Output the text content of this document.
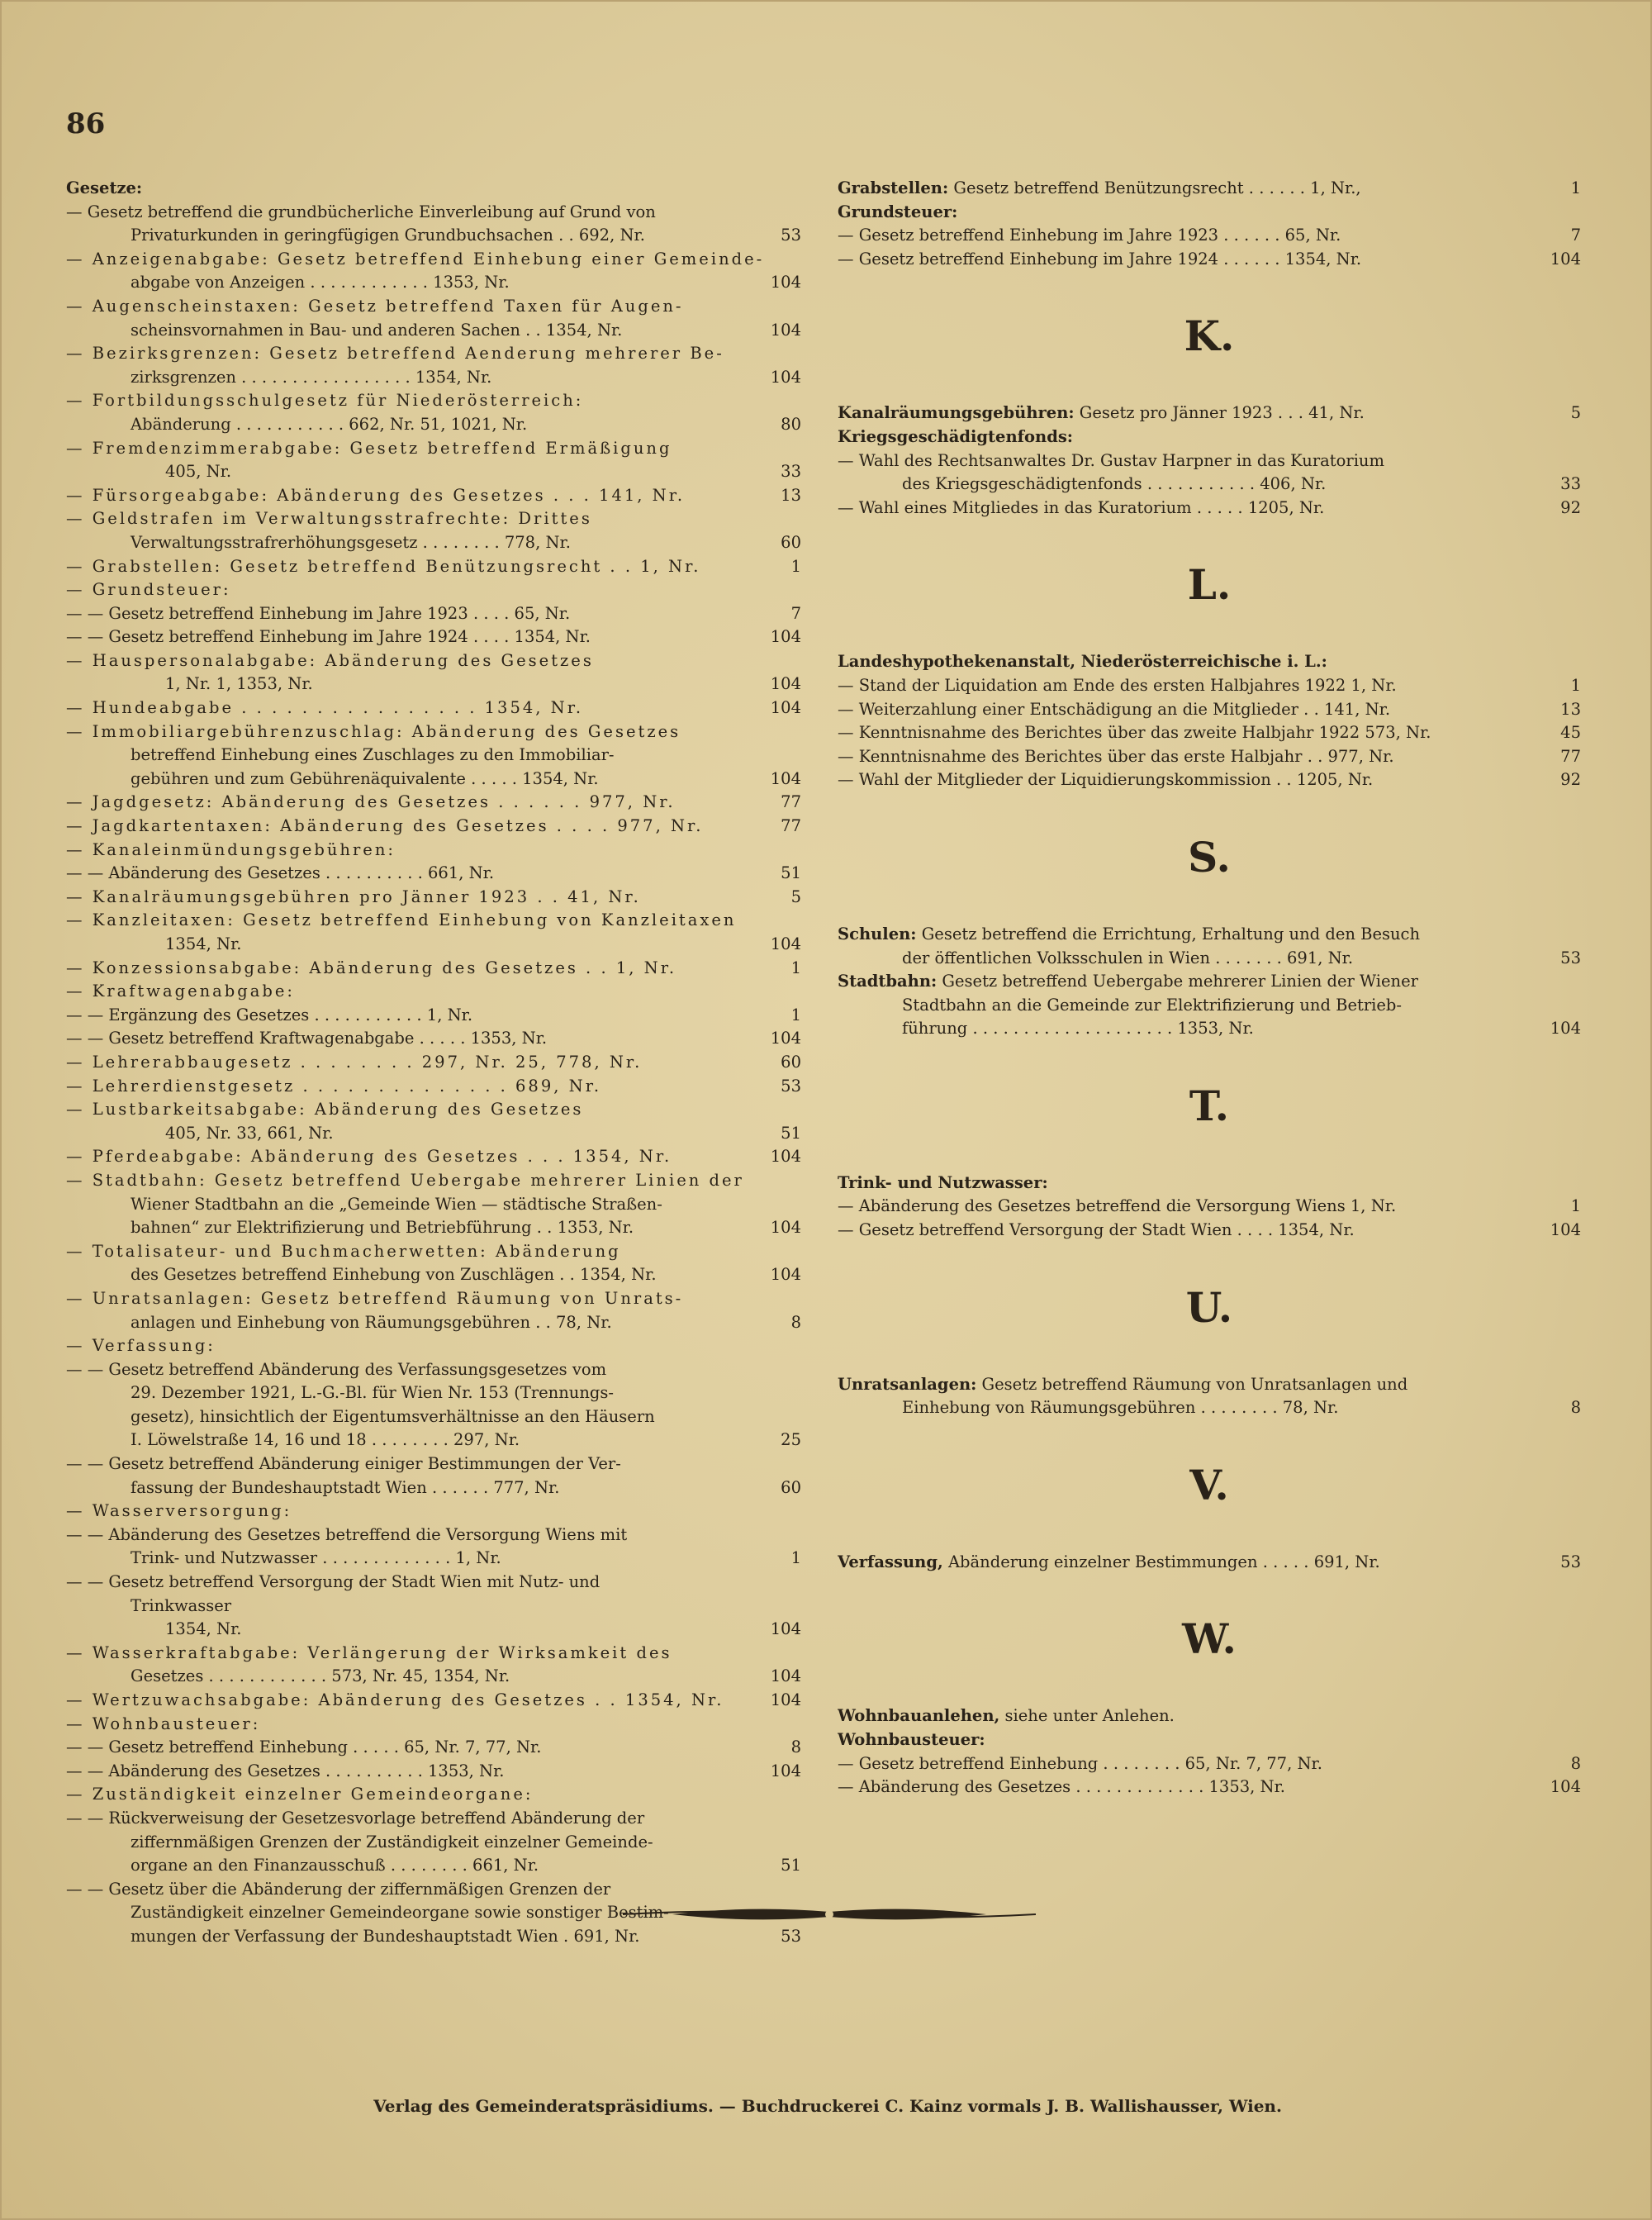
86
Gesetze:
— Gesetz betreffend die grundbücherliche Einverleibung auf Grund von
Privaturkunden in geringfügigen Grundbuchsachen . . 692, Nr.	53
— Anzeigenabgabe: Gesetz betreffend Einhebung einer Gemeinde-
abgabe von Anzeigen . . . . . . . . . . . . 1353, Nr.	104
— Augenscheinstaxen: Gesetz betreffend Taxen für Augen-
scheinsvornahmen in Bau- und anderen Sachen . . 1354, Nr.	104
— Bezirksgrenzen: Gesetz betreffend Aenderung mehrerer Be-
zirksgrenzen . . . . . . . . . . . . . . . . . 1354, Nr.	104
— Fortbildungsschulgesetz für Niederösterreich:
Abänderung . . . . . . . . . . . 662, Nr. 51, 1021, Nr.	80
— Fremdenzimmerabgabe: Gesetz betreffend Ermäßigung
405, Nr.	33
— Fürsorgeabgabe: Abänderung des Gesetzes . . . 141, Nr.	13
— Geldstrafen im Verwaltungsstrafrechte: Drittes
Verwaltungsstrafrerhöhungsgesetz . . . . . . . . 778, Nr.	60
— Grabstellen: Gesetz betreffend Benützungsrecht . . 1, Nr.	1
— Grundsteuer:
— — Gesetz betreffend Einhebung im Jahre 1923 . . . . 65, Nr.	7
— — Gesetz betreffend Einhebung im Jahre 1924 . . . . 1354, Nr.	104
— Hauspersonalabgabe: Abänderung des Gesetzes
1, Nr. 1, 1353, Nr.	104
— Hundeabgabe . . . . . . . . . . . . . . . . 1354, Nr.	104
— Immobiliargebührenzuschlag: Abänderung des Gesetzes
betreffend Einhebung eines Zuschlages zu den Immobiliar-
gebühren und zum Gebührenäquivalente . . . . . 1354, Nr.	104
— Jagdgesetz: Abänderung des Gesetzes . . . . . . 977, Nr.	77
— Jagdkartentaxen: Abänderung des Gesetzes . . . . 977, Nr.	77
— Kanaleinmündungsgebühren:
— — Abänderung des Gesetzes . . . . . . . . . . 661, Nr.	51
— Kanalräumungsgebühren pro Jänner 1923 . . 41, Nr.	5
— Kanzleitaxen: Gesetz betreffend Einhebung von Kanzleitaxen
1354, Nr.	104
— Konzessionsabgabe: Abänderung des Gesetzes . . 1, Nr.	1
— Kraftwagenabgabe:
— — Ergänzung des Gesetzes . . . . . . . . . . . 1, Nr.	1
— — Gesetz betreffend Kraftwagenabgabe . . . . . 1353, Nr.	104
— Lehrerabbaugesetz . . . . . . . . 297, Nr. 25, 778, Nr.	60
— Lehrerdienstgesetz . . . . . . . . . . . . . . 689, Nr.	53
— Lustbarkeitsabgabe: Abänderung des Gesetzes
405, Nr. 33, 661, Nr.	51
— Pferdeabgabe: Abänderung des Gesetzes . . . 1354, Nr.	104
— Stadtbahn: Gesetz betreffend Uebergabe mehrerer Linien der
Wiener Stadtbahn an die „Gemeinde Wien — städtische Straßen-
bahnen“ zur Elektrifizierung und Betriebführung . . 1353, Nr.	104
— Totalisateur- und Buchmacherwetten: Abänderung
des Gesetzes betreffend Einhebung von Zuschlägen . . 1354, Nr.	104
— Unratsanlagen: Gesetz betreffend Räumung von Unrats-
anlagen und Einhebung von Räumungsgebühren . . 78, Nr.	8
— Verfassung:
— — Gesetz betreffend Abänderung des Verfassungsgesetzes vom
29. Dezember 1921, L.-G.-Bl. für Wien Nr. 153 (Trennungs-
gesetz), hinsichtlich der Eigentumsverhältnisse an den Häusern
I. Löwelstraße 14, 16 und 18 . . . . . . . . 297, Nr.	25
— — Gesetz betreffend Abänderung einiger Bestimmungen der Ver-
fassung der Bundeshauptstadt Wien . . . . . . 777, Nr.	60
— Wasserversorgung:
— — Abänderung des Gesetzes betreffend die Versorgung Wiens mit
Trink- und Nutzwasser . . . . . . . . . . . . . 1, Nr.	1
— — Gesetz betreffend Versorgung der Stadt Wien mit Nutz- und
Trinkwasser
1354, Nr.	104
— Wasserkraftabgabe: Verlängerung der Wirksamkeit des
Gesetzes . . . . . . . . . . . . 573, Nr. 45, 1354, Nr.	104
— Wertzuwachsabgabe: Abänderung des Gesetzes . . 1354, Nr.	104
— Wohnbausteuer:
— — Gesetz betreffend Einhebung . . . . . 65, Nr. 7, 77, Nr.	8
— — Abänderung des Gesetzes . . . . . . . . . . 1353, Nr.	104
— Zuständigkeit einzelner Gemeindeorgane:
— — Rückverweisung der Gesetzesvorlage betreffend Abänderung der
ziffernmäßigen Grenzen der Zuständigkeit einzelner Gemeinde-
organe an den Finanzausschuß . . . . . . . . 661, Nr.	51
— — Gesetz über die Abänderung der ziffernmäßigen Grenzen der
Zuständigkeit einzelner Gemeindeorgane sowie sonstiger Bestim-
mungen der Verfassung der Bundeshauptstadt Wien . 691, Nr.	53
Grabstellen: Gesetz betreffend Benützungsrecht . . . . . . 1, Nr.,	1
Grundsteuer:
— Gesetz betreffend Einhebung im Jahre 1923 . . . . . . 65, Nr.	7
— Gesetz betreffend Einhebung im Jahre 1924 . . . . . . 1354, Nr.	104
K.
Kanalräumungsgebühren: Gesetz pro Jänner 1923 . . . 41, Nr.	5
Kriegsgeschädigtenfonds:
— Wahl des Rechtsanwaltes Dr. Gustav Harpner in das Kuratorium
des Kriegsgeschädigtenfonds . . . . . . . . . . . 406, Nr.	33
— Wahl eines Mitgliedes in das Kuratorium . . . . . 1205, Nr.	92
L.
Landeshypothekenanstalt, Niederösterreichische i. L.:
— Stand der Liquidation am Ende des ersten Halbjahres 1922 1, Nr.	1
— Weiterzahlung einer Entschädigung an die Mitglieder . . 141, Nr.	13
— Kenntnisnahme des Berichtes über das zweite Halbjahr 1922 573, Nr.	45
— Kenntnisnahme des Berichtes über das erste Halbjahr . . 977, Nr.	77
— Wahl der Mitglieder der Liquidierungskommission . . 1205, Nr.	92
S.
Schulen: Gesetz betreffend die Errichtung, Erhaltung und den Besuch
der öffentlichen Volksschulen in Wien . . . . . . . 691, Nr.	53
Stadtbahn: Gesetz betreffend Uebergabe mehrerer Linien der Wiener
Stadtbahn an die Gemeinde zur Elektrifizierung und Betrieb-
führung . . . . . . . . . . . . . . . . . . . . 1353, Nr.	104
T.
Trink- und Nutzwasser:
— Abänderung des Gesetzes betreffend die Versorgung Wiens 1, Nr.	1
— Gesetz betreffend Versorgung der Stadt Wien . . . . 1354, Nr.	104
U.
Unratsanlagen: Gesetz betreffend Räumung von Unratsanlagen und
Einhebung von Räumungsgebühren . . . . . . . . 78, Nr.	8
V.
Verfassung, Abänderung einzelner Bestimmungen . . . . . 691, Nr.	53
W.
Wohnbauanlehen, siehe unter Anlehen.
Wohnbausteuer:
— Gesetz betreffend Einhebung . . . . . . . . 65, Nr. 7, 77, Nr.	8
— Abänderung des Gesetzes . . . . . . . . . . . . . 1353, Nr.	104
Verlag des Gemeinderatspräsidiums. — Buchdruckerei C. Kainz vormals J. B. Wallishausser, Wien.
